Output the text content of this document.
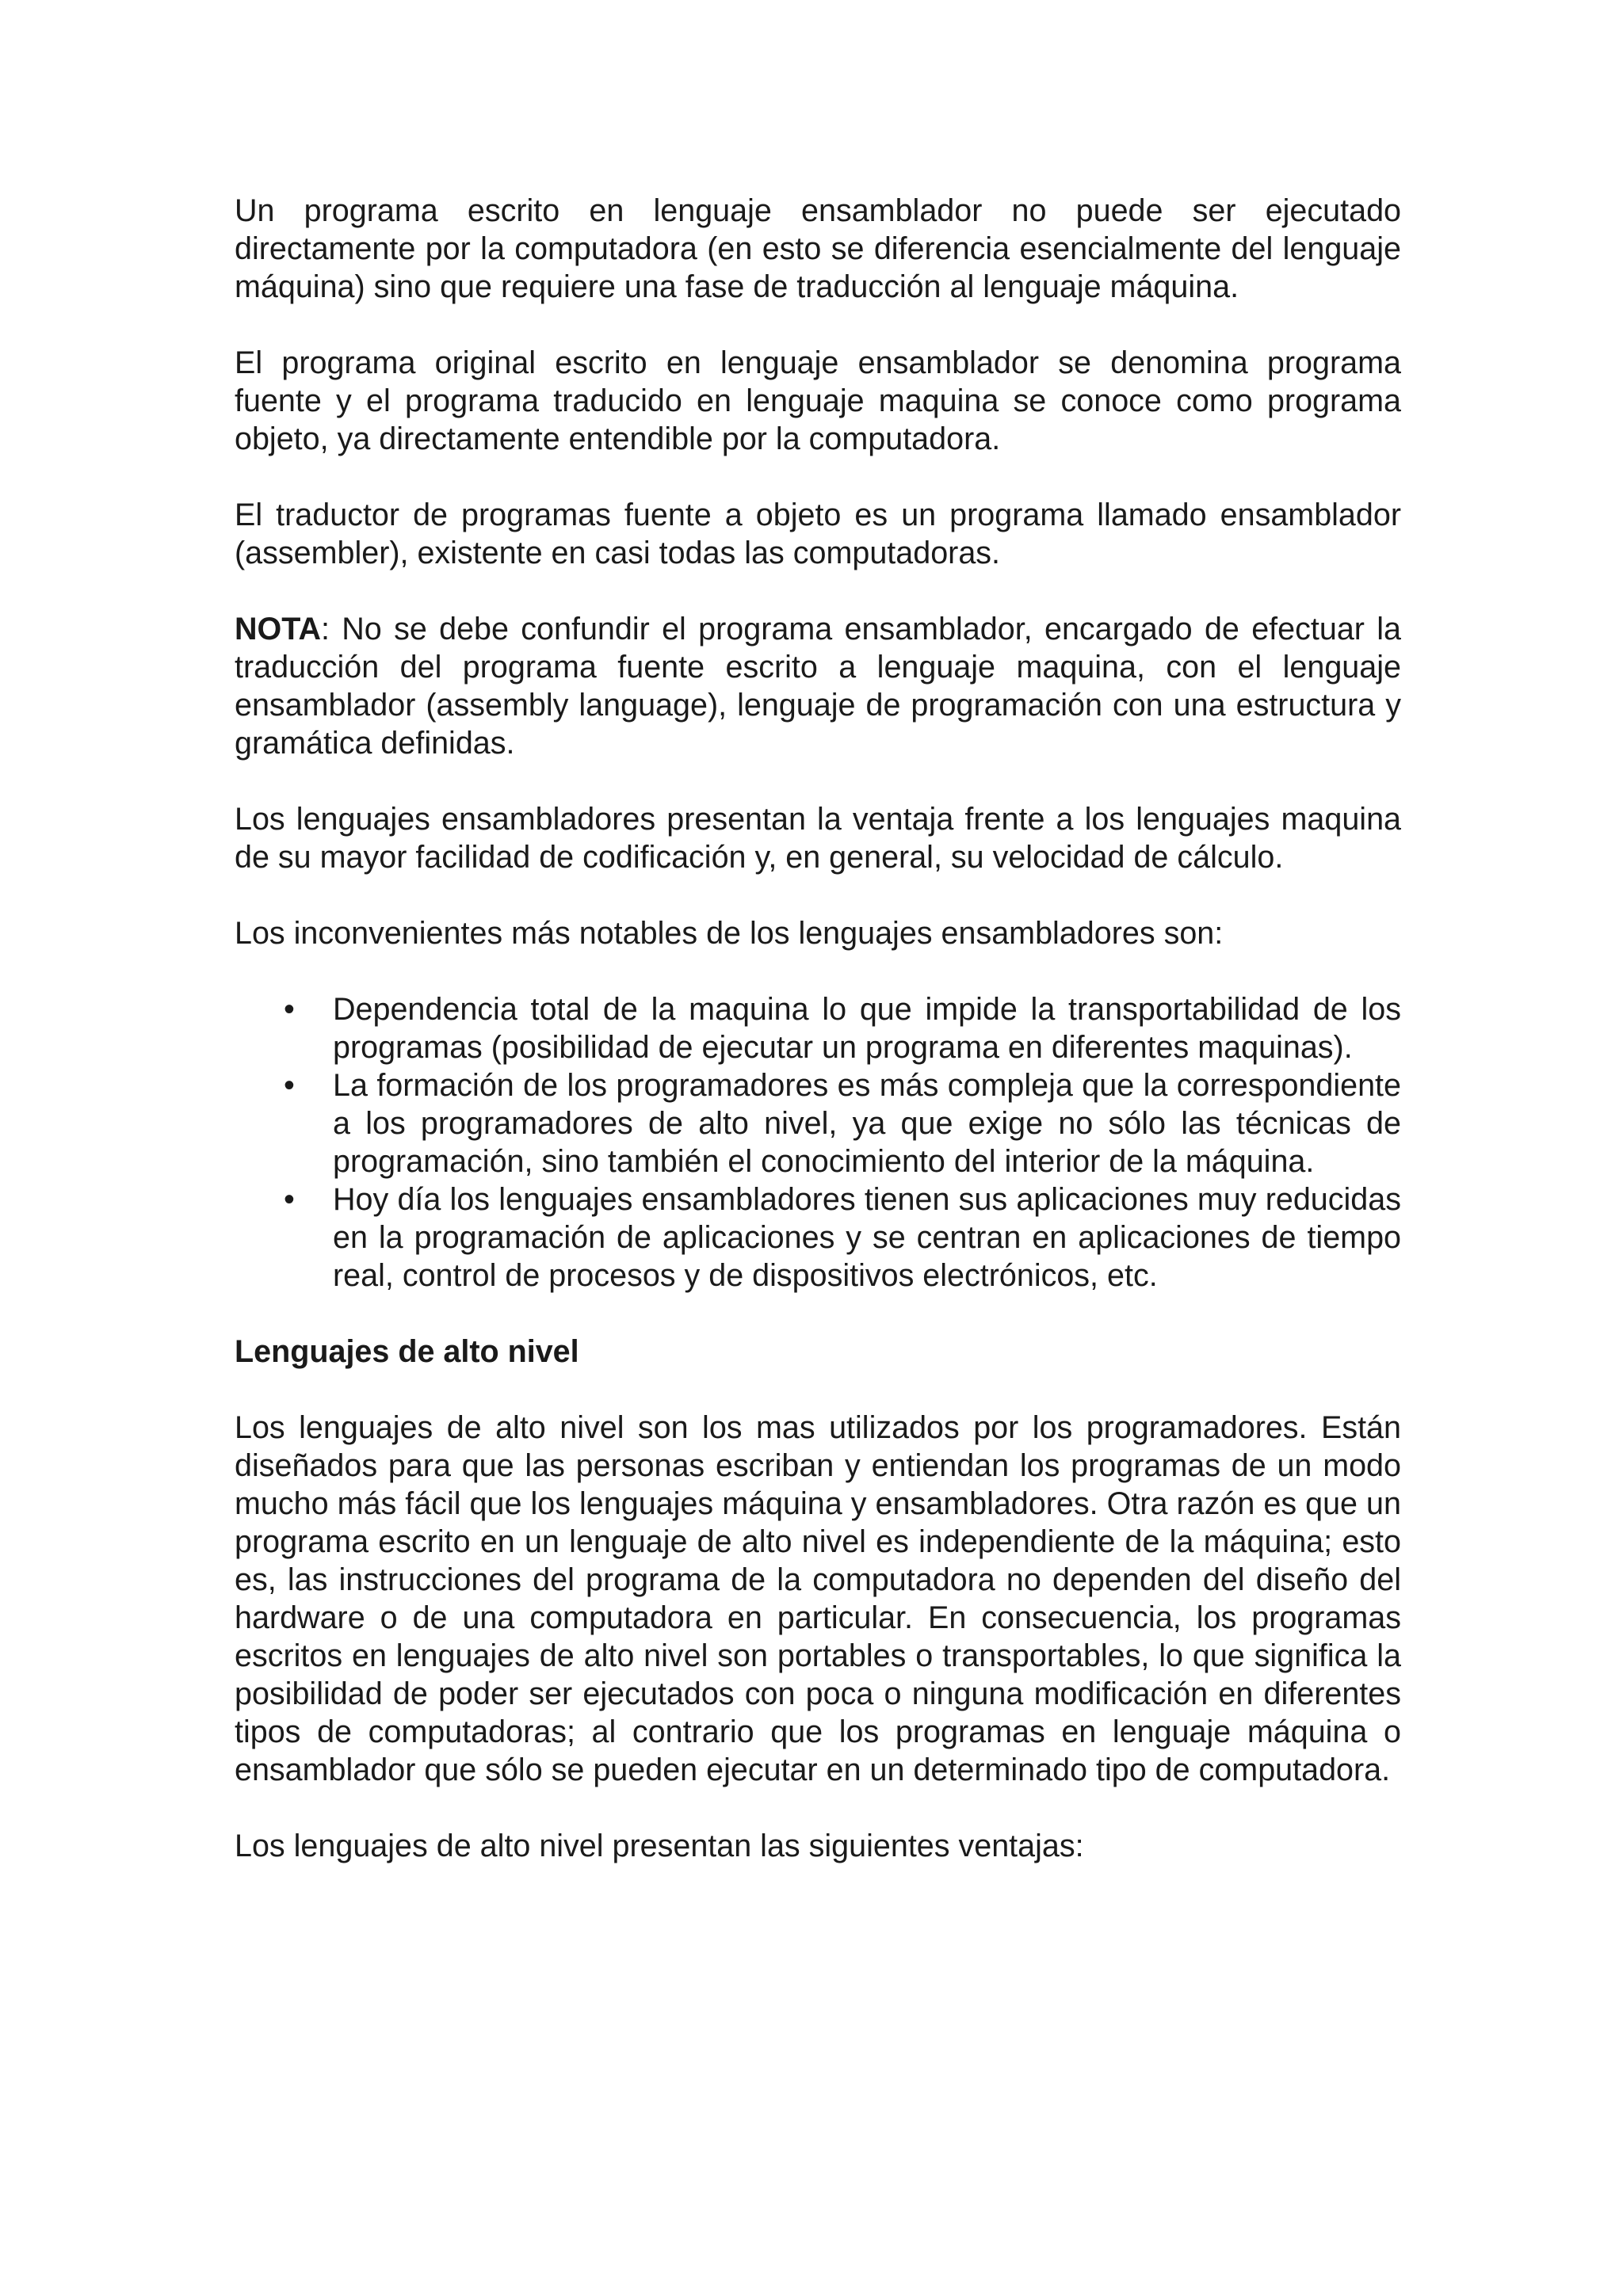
Un programa escrito en lenguaje ensamblador no puede ser ejecutado directamente por la computadora (en esto se diferencia esencialmente del lenguaje máquina) sino que requiere una fase de traducción al lenguaje máquina.

El programa original escrito en lenguaje ensamblador se denomina programa fuente y el programa traducido en lenguaje maquina se conoce como programa objeto, ya directamente entendible por la computadora.

El traductor de programas fuente a objeto es un programa llamado ensamblador (assembler), existente en casi todas las computadoras.

NOTA: No se debe confundir el programa ensamblador, encargado de efectuar la traducción del programa fuente escrito a lenguaje maquina, con el lenguaje ensamblador (assembly language), lenguaje de programación con una estructura y gramática definidas.

Los lenguajes ensambladores presentan la ventaja frente a los lenguajes maquina de su mayor facilidad de codificación y, en general, su velocidad de cálculo.

Los inconvenientes más notables de los lenguajes ensambladores son:

• Dependencia total de la maquina lo que impide la transportabilidad de los programas (posibilidad de ejecutar un programa en diferentes maquinas).
• La formación de los programadores es más compleja que la correspondiente a los programadores de alto nivel, ya que exige no sólo las técnicas de programación, sino también el conocimiento del interior de la máquina.
• Hoy día los lenguajes ensambladores tienen sus aplicaciones muy reducidas en la programación de aplicaciones y se centran en aplicaciones de tiempo real, control de procesos y de dispositivos electrónicos, etc.

Lenguajes de alto nivel

Los lenguajes de alto nivel son los mas utilizados por los programadores. Están diseñados para que las personas escriban y entiendan los programas de un modo mucho más fácil que los lenguajes máquina y ensambladores. Otra razón es que un programa escrito en un lenguaje de alto nivel es independiente de la máquina; esto es, las instrucciones del programa de la computadora no dependen del diseño del hardware o de una computadora en particular. En consecuencia, los programas escritos en lenguajes de alto nivel son portables o transportables, lo que significa la posibilidad de poder ser ejecutados con poca o ninguna modificación en diferentes tipos de computadoras; al contrario que los programas en lenguaje máquina o ensamblador que sólo se pueden ejecutar en un determinado tipo de computadora.

Los lenguajes de alto nivel presentan las siguientes ventajas:
